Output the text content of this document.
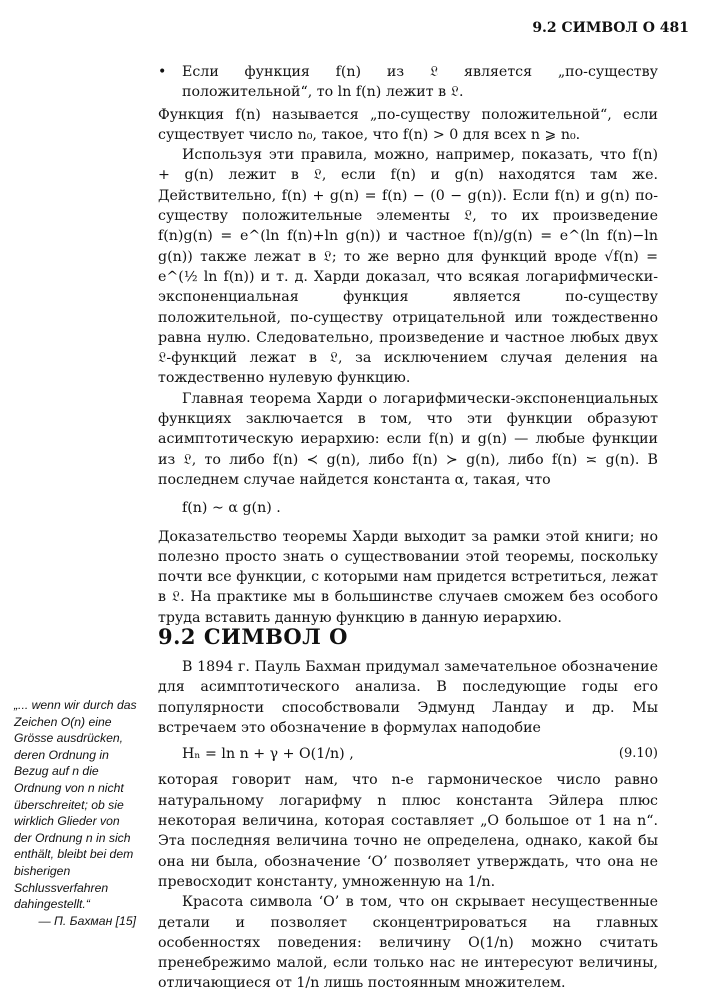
9.2 СИМВОЛ O 481
•	Если функция f(n) из 𝔏 является „по-существу положительной“, то ln f(n) лежит в 𝔏.

Функция f(n) называется „по-существу положительной“, если существует число n₀, такое, что f(n) > 0 для всех n ⩾ n₀.

Используя эти правила, можно, например, показать, что f(n) + g(n) лежит в 𝔏, если f(n) и g(n) находятся там же. Действительно, f(n) + g(n) = f(n) − (0 − g(n)). Если f(n) и g(n) по-существу положительные элементы 𝔏, то их произведение f(n)g(n) = e^(ln f(n)+ln g(n)) и частное f(n)/g(n) = e^(ln f(n)−ln g(n)) также лежат в 𝔏; то же верно для функций вроде √f(n) = e^(½ ln f(n)) и т. д. Харди доказал, что всякая логарифмически-экспоненциальная функция является по-существу положительной, по-существу отрицательной или тождественно равна нулю. Следовательно, произведение и частное любых двух 𝔏-функций лежат в 𝔏, за исключением случая деления на тождественно нулевую функцию.

Главная теорема Харди о логарифмически-экспоненциальных функциях заключается в том, что эти функции образуют асимптотическую иерархию: если f(n) и g(n) — любые функции из 𝔏, то либо f(n) ≺ g(n), либо f(n) ≻ g(n), либо f(n) ≍ g(n). В последнем случае найдется константа α, такая, что

f(n) ∼ α g(n) .

Доказательство теоремы Харди выходит за рамки этой книги; но полезно просто знать о существовании этой теоремы, поскольку почти все функции, с которыми нам придется встретиться, лежат в 𝔏. На практике мы в большинстве случаев сможем без особого труда вставить данную функцию в данную иерархию.

9.2 СИМВОЛ O

В 1894 г. Пауль Бахман придумал замечательное обозначение для асимптотического анализа. В последующие годы его популярности способствовали Эдмунд Ландау и др. Мы встречаем это обозначение в формулах наподобие

Hₙ = ln n + γ + O(1/n) ,	(9.10)

которая говорит нам, что n-е гармоническое число равно натуральному логарифму n плюс константа Эйлера плюс некоторая величина, которая составляет „O большое от 1 на n“. Эта последняя величина точно не определена, однако, какой бы она ни была, обозначение ‘O’ позволяет утверждать, что она не превосходит константу, умноженную на 1/n.

Красота символа ‘O’ в том, что он скрывает несущественные детали и позволяет сконцентрироваться на главных особенностях поведения: величину O(1/n) можно считать пренебрежимо малой, если только нас не интересуют величины, отличающиеся от 1/n лишь постоянным множителем.

„... wenn wir durch das Zeichen O(n) eine Grösse ausdrücken, deren Ordnung in Bezug auf n die Ordnung von n nicht überschreitet; ob sie wirklich Glieder von der Ordnung n in sich enthält, bleibt bei dem bisherigen Schlussverfahren dahingestellt.“
— П. Бахман [15]
